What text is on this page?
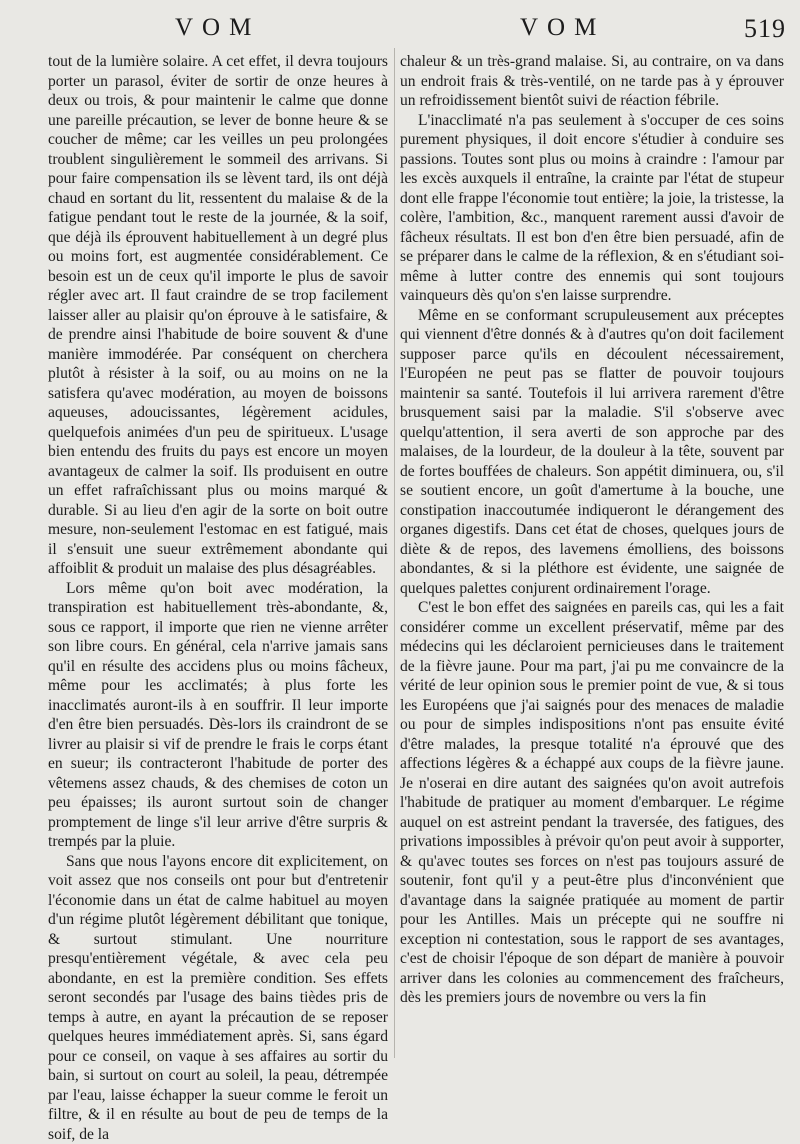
VOM	VOM	519

tout de la lumière solaire. A cet effet, il devra toujours porter un parasol, éviter de sortir de onze heures à deux ou trois, & pour maintenir le calme que donne une pareille précaution, se lever de bonne heure & se coucher de même; car les veilles un peu prolongées troublent singulièrement le sommeil des arrivans. Si pour faire compensation ils se lèvent tard, ils ont déjà chaud en sortant du lit, ressentent du malaise & de la fatigue pendant tout le reste de la journée, & la soif, que déjà ils éprouvent habituellement à un degré plus ou moins fort, est augmentée considérablement. Ce besoin est un de ceux qu'il importe le plus de savoir régler avec art. Il faut craindre de se trop facilement laisser aller au plaisir qu'on éprouve à le satisfaire, & de prendre ainsi l'habitude de boire souvent & d'une manière immodérée. Par conséquent on cherchera plutôt à résister à la soif, ou au moins on ne la satisfera qu'avec modération, au moyen de boissons aqueuses, adoucissantes, légèrement acidules, quelquefois animées d'un peu de spiritueux. L'usage bien entendu des fruits du pays est encore un moyen avantageux de calmer la soif. Ils produisent en outre un effet rafraîchissant plus ou moins marqué & durable. Si au lieu d'en agir de la sorte on boit outre mesure, non-seulement l'estomac en est fatigué, mais il s'ensuit une sueur extrêmement abondante qui affoiblit & produit un malaise des plus désagréables.

Lors même qu'on boit avec modération, la transpiration est habituellement très-abondante, &, sous ce rapport, il importe que rien ne vienne arrêter son libre cours. En général, cela n'arrive jamais sans qu'il en résulte des accidens plus ou moins fâcheux, même pour les acclimatés; à plus forte les inacclimatés auront-ils à en souffrir. Il leur importe d'en être bien persuadés. Dès-lors ils craindront de se livrer au plaisir si vif de prendre le frais le corps étant en sueur; ils contracteront l'habitude de porter des vêtemens assez chauds, & des chemises de coton un peu épaisses; ils auront surtout soin de changer promptement de linge s'il leur arrive d'être surpris & trempés par la pluie.

Sans que nous l'ayons encore dit explicitement, on voit assez que nos conseils ont pour but d'entretenir l'économie dans un état de calme habituel au moyen d'un régime plutôt légèrement débilitant que tonique, & surtout stimulant. Une nourriture presqu'entièrement végétale, & avec cela peu abondante, en est la première condition. Ses effets seront secondés par l'usage des bains tièdes pris de temps à autre, en ayant la précaution de se reposer quelques heures immédiatement après. Si, sans égard pour ce conseil, on vaque à ses affaires au sortir du bain, si surtout on court au soleil, la peau, détrempée par l'eau, laisse échapper la sueur comme le feroit un filtre, & il en résulte au bout de peu de temps de la soif, de la

chaleur & un très-grand malaise. Si, au contraire, on va dans un endroit frais & très-ventilé, on ne tarde pas à y éprouver un refroidissement bientôt suivi de réaction fébrile.

L'inacclimaté n'a pas seulement à s'occuper de ces soins purement physiques, il doit encore s'étudier à conduire ses passions. Toutes sont plus ou moins à craindre : l'amour par les excès auxquels il entraîne, la crainte par l'état de stupeur dont elle frappe l'économie tout entière; la joie, la tristesse, la colère, l'ambition, &c., manquent rarement aussi d'avoir de fâcheux résultats. Il est bon d'en être bien persuadé, afin de se préparer dans le calme de la réflexion, & en s'étudiant soi-même à lutter contre des ennemis qui sont toujours vainqueurs dès qu'on s'en laisse surprendre.

Même en se conformant scrupuleusement aux préceptes qui viennent d'être donnés & à d'autres qu'on doit facilement supposer parce qu'ils en découlent nécessairement, l'Européen ne peut pas se flatter de pouvoir toujours maintenir sa santé. Toutefois il lui arrivera rarement d'être brusquement saisi par la maladie. S'il s'observe avec quelqu'attention, il sera averti de son approche par des malaises, de la lourdeur, de la douleur à la tête, souvent par de fortes bouffées de chaleurs. Son appétit diminuera, ou, s'il se soutient encore, un goût d'amertume à la bouche, une constipation inaccoutumée indiqueront le dérangement des organes digestifs. Dans cet état de choses, quelques jours de diète & de repos, des lavemens émolliens, des boissons abondantes, & si la pléthore est évidente, une saignée de quelques palettes conjurent ordinairement l'orage.

C'est le bon effet des saignées en pareils cas, qui les a fait considérer comme un excellent préservatif, même par des médecins qui les déclaroient pernicieuses dans le traitement de la fièvre jaune. Pour ma part, j'ai pu me convaincre de la vérité de leur opinion sous le premier point de vue, & si tous les Européens que j'ai saignés pour des menaces de maladie ou pour de simples indispositions n'ont pas ensuite évité d'être malades, la presque totalité n'a éprouvé que des affections légères & a échappé aux coups de la fièvre jaune. Je n'oserai en dire autant des saignées qu'on avoit autrefois l'habitude de pratiquer au moment d'embarquer. Le régime auquel on est astreint pendant la traversée, des fatigues, des privations impossibles à prévoir qu'on peut avoir à supporter, & qu'avec toutes ses forces on n'est pas toujours assuré de soutenir, font qu'il y a peut-être plus d'inconvénient que d'avantage dans la saignée pratiquée au moment de partir pour les Antilles. Mais un précepte qui ne souffre ni exception ni contestation, sous le rapport de ses avantages, c'est de choisir l'époque de son départ de manière à pouvoir arriver dans les colonies au commencement des fraîcheurs, dès les premiers jours de novembre ou vers la fin
